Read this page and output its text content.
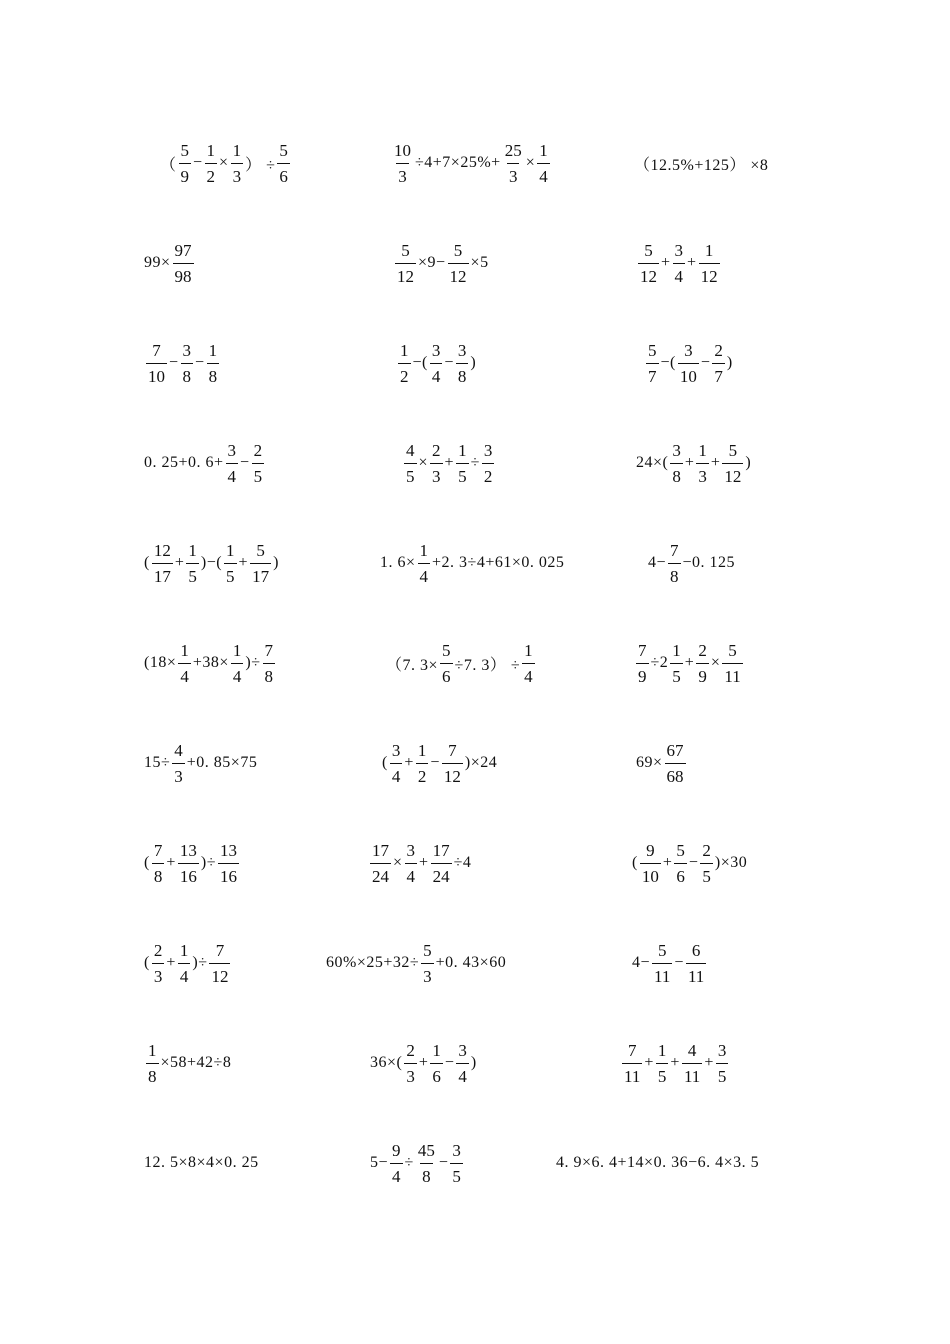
（ $\frac{5}{9} - \frac{1}{2} \times \frac{1}{3}$ ） ÷ $\frac{5}{6}$	$\frac{10}{3} \div 4+7\times 25\%+ \frac{25}{3} \times \frac{1}{4}$	（12.5%+125） ×8
$99\times \frac{97}{98}$	$\frac{5}{12} \times 9- \frac{5}{12} \times 5$	$\frac{5}{12} + \frac{3}{4} + \frac{1}{12}$
$\frac{7}{10} - \frac{3}{8} - \frac{1}{8}$	$\frac{1}{2}$ −( $\frac{3}{4} - \frac{3}{8}$ )	$\frac{5}{7}$ −( $\frac{3}{10} - \frac{2}{7}$ )
0. 25+0. $6+ \frac{3}{4} - \frac{2}{5}$	$\frac{4}{5} \times \frac{2}{3} + \frac{1}{5} \div \frac{3}{2}$	$24\times( \frac{3}{8} + \frac{1}{3} + \frac{5}{12}$ )
( $\frac{12}{17} + \frac{1}{5}$ )−( $\frac{1}{5} + \frac{5}{17}$ )	1. $6\times \frac{1}{4} +2$. 3÷4+61×0. 025	$4- \frac{7}{8} -0$. 125
($18\times \frac{1}{4} +38\times \frac{1}{4}$ )÷ $\frac{7}{8}$	（7. $3\times \frac{5}{6} \div 7$. $3) \div \frac{1}{4}$	$\frac{7}{9} \div 2 \frac{1}{5} + \frac{2}{9} \times \frac{5}{11}$
$15\div \frac{4}{3} +0$. 85×75	( $\frac{3}{4} + \frac{1}{2} - \frac{7}{12} )\times 24$	$69\times \frac{67}{68}$
( $\frac{7}{8} + \frac{13}{16}$ )÷ $\frac{13}{16}$	$\frac{17}{24} \times \frac{3}{4} + \frac{17}{24} \div 4$	( $\frac{9}{10} + \frac{5}{6} - \frac{2}{5} )\times 30$
( $\frac{2}{3} + \frac{1}{4}$ )÷ $\frac{7}{12}$	$60\%\times 25+32\div \frac{5}{3} +0$. 43×60	$4- \frac{5}{11} - \frac{6}{11}$
$\frac{1}{8} \times 58+42\div 8$	$36\times( \frac{2}{3} + \frac{1}{6} - \frac{3}{4}$ )	$\frac{7}{11} + \frac{1}{5} + \frac{4}{11} + \frac{3}{5}$
12. 5×8×4×0. 25	$5- \frac{9}{4} \div \frac{45}{8} - \frac{3}{5}$	4. 9×6. 4+14×0. 36−6. 4×3. 5
